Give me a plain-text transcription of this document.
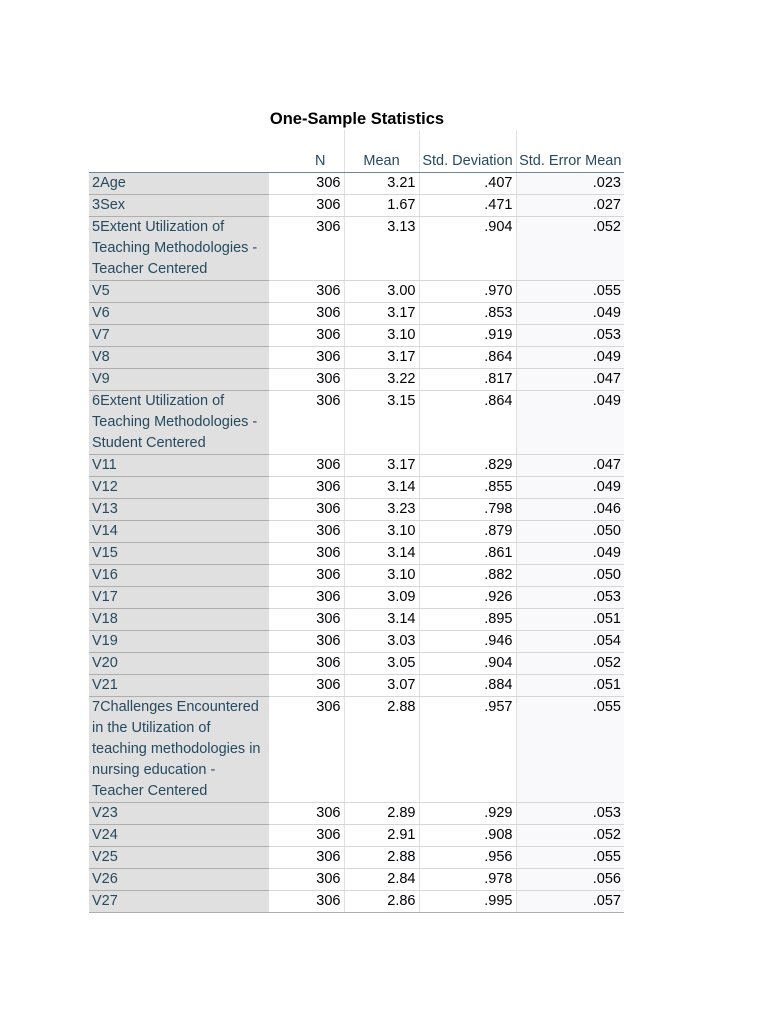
One-Sample Statistics
	N	Mean	Std. Deviation	Std. Error Mean
2Age	306	3.21	.407	.023
3Sex	306	1.67	.471	.027
5Extent Utilization of Teaching Methodologies - Teacher Centered	306	3.13	.904	.052
V5	306	3.00	.970	.055
V6	306	3.17	.853	.049
V7	306	3.10	.919	.053
V8	306	3.17	.864	.049
V9	306	3.22	.817	.047
6Extent Utilization of Teaching Methodologies - Student Centered	306	3.15	.864	.049
V11	306	3.17	.829	.047
V12	306	3.14	.855	.049
V13	306	3.23	.798	.046
V14	306	3.10	.879	.050
V15	306	3.14	.861	.049
V16	306	3.10	.882	.050
V17	306	3.09	.926	.053
V18	306	3.14	.895	.051
V19	306	3.03	.946	.054
V20	306	3.05	.904	.052
V21	306	3.07	.884	.051
7Challenges Encountered in the Utilization of teaching methodologies in nursing education - Teacher Centered	306	2.88	.957	.055
V23	306	2.89	.929	.053
V24	306	2.91	.908	.052
V25	306	2.88	.956	.055
V26	306	2.84	.978	.056
V27	306	2.86	.995	.057
